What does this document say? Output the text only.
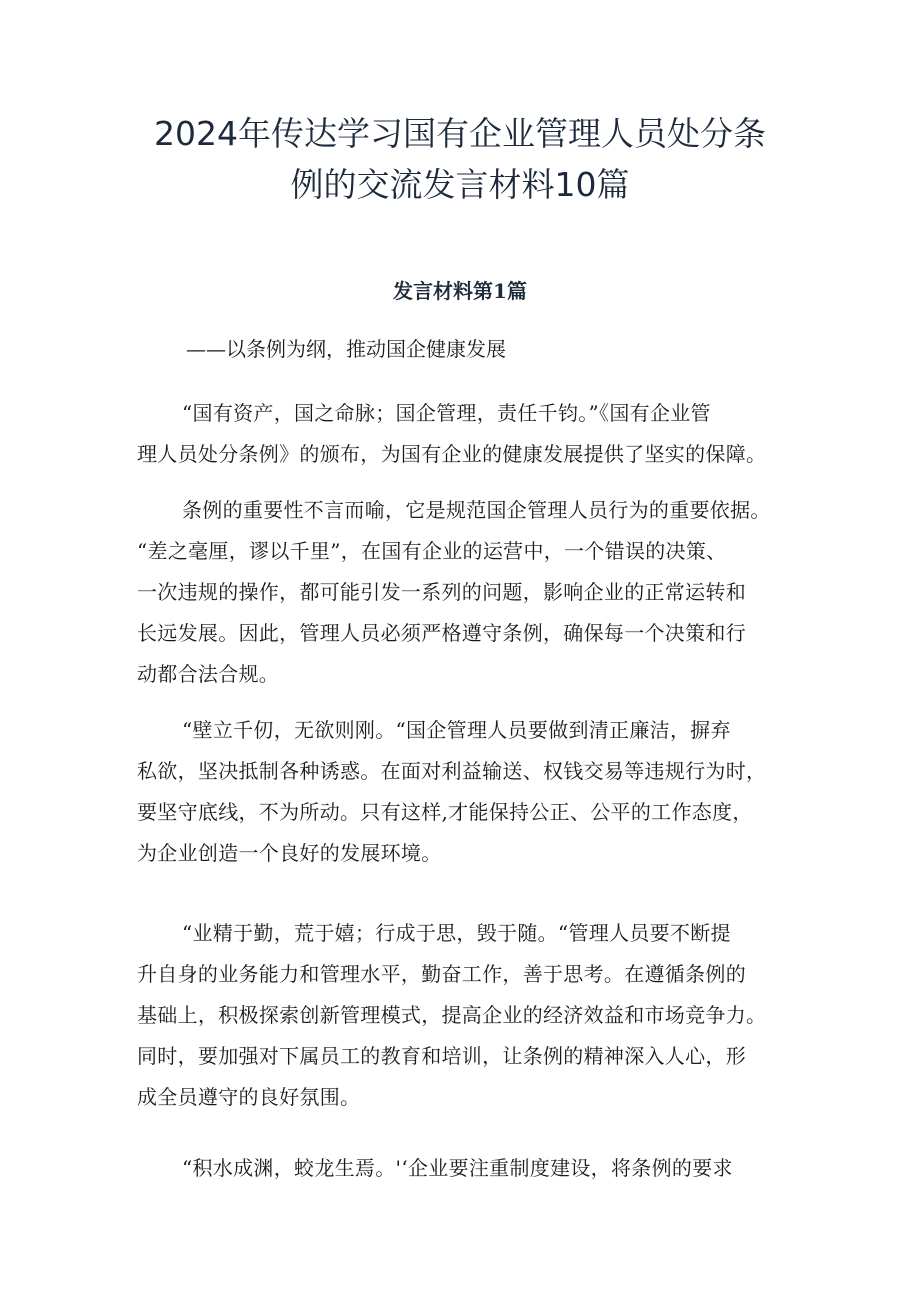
2024年传达学习国有企业管理人员处分条
例的交流发言材料10篇
发言材料第1篇
——以条例为纲，推动国企健康发展
“国有资产，国之命脉；国企管理，责任千钧。”《国有企业管
理人员处分条例》的颁布，为国有企业的健康发展提供了坚实的保障。
条例的重要性不言而喻，它是规范国企管理人员行为的重要依据。
“差之毫厘，谬以千里”，在国有企业的运营中，一个错误的决策、
一次违规的操作，都可能引发一系列的问题，影响企业的正常运转和
长远发展。因此，管理人员必须严格遵守条例，确保每一个决策和行
动都合法合规。
“壁立千仞，无欲则刚。“国企管理人员要做到清正廉洁，摒弃
私欲，坚决抵制各种诱惑。在面对利益输送、权钱交易等违规行为时，
要坚守底线，不为所动。只有这样,才能保持公正、公平的工作态度，
为企业创造一个良好的发展环境。
“业精于勤，荒于嬉；行成于思，毁于随。“管理人员要不断提
升自身的业务能力和管理水平，勤奋工作，善于思考。在遵循条例的
基础上，积极探索创新管理模式，提高企业的经济效益和市场竞争力。
同时，要加强对下属员工的教育和培训，让条例的精神深入人心，形
成全员遵守的良好氛围。
“积水成渊，蛟龙生焉。'‘企业要注重制度建设，将条例的要求
